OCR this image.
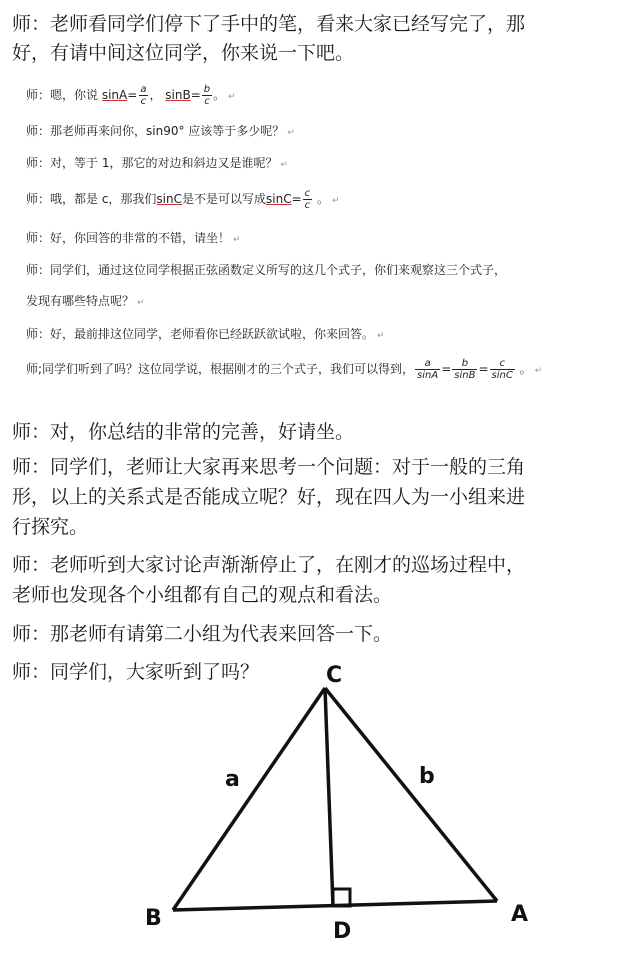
师：老师看同学们停下了手中的笔，看来大家已经写完了，那
好，有请中间这位同学，你来说一下吧。
师：嗯，你说 $\sin A= \frac{a}{c}$ ， $\sin B= \frac{b}{c}$ 。 ↵
师：那老师再来问你，sin90° 应该等于多少呢？ ↵
师：对，等于 1，那它的对边和斜边又是谁呢？ ↵
师：哦，都是 c，那我们sinC是不是可以写成$\sin C= \frac{c}{c}$ 。 ↵
师：好，你回答的非常的不错，请坐！ ↵
师：同学们，通过这位同学根据正弦函数定义所写的这几个式子，你们来观察这三个式子，
发现有哪些特点呢？ ↵
师：好，最前排这位同学，老师看你已经跃跃欲试啦，你来回答。 ↵
师;同学们听到了吗？这位同学说，根据刚才的三个式子，我们可以得到， $\frac{a}{\sin A} = \frac{b}{\sin B} = \frac{c}{\sin C}$ 。 ↵
师：对，你总结的非常的完善，好请坐。
师：同学们，老师让大家再来思考一个问题：对于一般的三角
形，以上的关系式是否能成立呢？好，现在四人为一小组来进
行探究。
师：老师听到大家讨论声渐渐停止了，在刚才的巡场过程中，
老师也发现各个小组都有自己的观点和看法。
师：那老师有请第二小组为代表来回答一下。
师：同学们，大家听到了吗？	C
B	A
D
a	b
